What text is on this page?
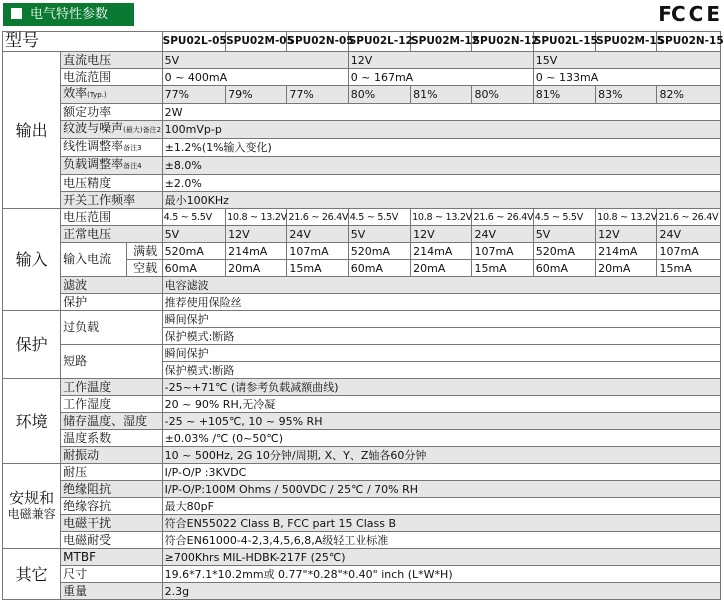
电气特性参数	FC C E
型号			SPU02L-05	SPU02M-05	SPU02N-05	SPU02L-12	SPU02M-12	SPU02N-12	SPU02L-15	SPU02M-15	SPU02N-15
输出	直流电压		5V			12V			15V		
	电流范围		0 ~ 400mA			0 ~ 167mA			0 ~ 133mA		
	效率(Typ.)		77%	79%	77%	80%	81%	80%	81%	83%	82%
	额定功率		2W								
	纹波与噪声(最大)备注2		100mVp-p								
	线性调整率备注3		±1.2%(1%输入变化)								
	负载调整率备注4		±8.0%								
	电压精度		±2.0%								
	开关工作频率		最小100KHz								
输入	电压范围		4.5 ~ 5.5V	10.8 ~ 13.2V	21.6 ~ 26.4V	4.5 ~ 5.5V	10.8 ~ 13.2V	21.6 ~ 26.4V	4.5 ~ 5.5V	10.8 ~ 13.2V	21.6 ~ 26.4V
	正常电压		5V	12V	24V	5V	12V	24V	5V	12V	24V
	输入电流	满载	520mA	214mA	107mA	520mA	214mA	107mA	520mA	214mA	107mA
		空载	60mA	20mA	15mA	60mA	20mA	15mA	60mA	20mA	15mA
	滤波		电容滤波								
	保护		推荐使用保险丝								
保护	过负载		瞬间保护								
			保护模式:断路								
	短路		瞬间保护								
			保护模式:断路								
环境	工作温度		-25~+71℃ (请参考负载减额曲线)								
	工作湿度		20 ~ 90% RH,无冷凝								
	储存温度、湿度		-25 ~ +105℃, 10 ~ 95% RH								
	温度系数		±0.03% /℃ (0~50℃)								
	耐振动		10 ~ 500Hz, 2G 10分钟/周期, X、Y、Z轴各60分钟								

安规和
电磁兼容	耐压		I/P-O/P :3KVDC								
	绝缘阻抗		I/P-O/P:100M Ohms / 500VDC / 25℃ / 70% RH								
	绝缘容抗		最大80pF								
	电磁干扰		符合EN55022 Class B, FCC part 15 Class B								
	电磁耐受		符合EN61000-4-2,3,4,5,6,8,A级轻工业标准								
其它	MTBF		≥700Khrs MIL-HDBK-217F (25℃)								
	尺寸		19.6*7.1*10.2mm或 0.77"*0.28"*0.40" inch (L*W*H)								
	重量		2.3g								
